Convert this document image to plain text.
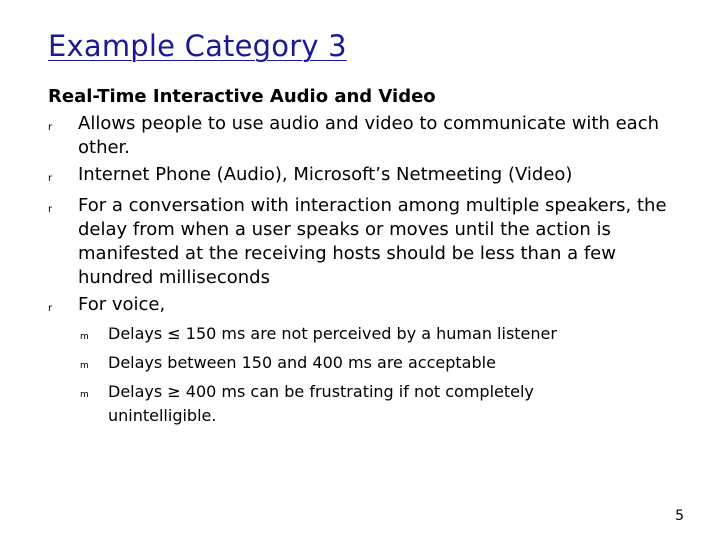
Example Category 3

Real-Time Interactive Audio and Video

r	Allows people to use audio and video to communicate with each other.
r	Internet Phone (Audio), Microsoft’s Netmeeting (Video)
r	For a conversation with interaction among multiple speakers, the delay from when a user speaks or moves until the action is manifested at the receiving hosts should be less than a few hundred milliseconds
r	For voice,
m	Delays ≤ 150 ms are not perceived by a human listener
m	Delays between 150 and 400 ms are acceptable
m	Delays ≥ 400 ms can be frustrating if not completely unintelligible.
5
